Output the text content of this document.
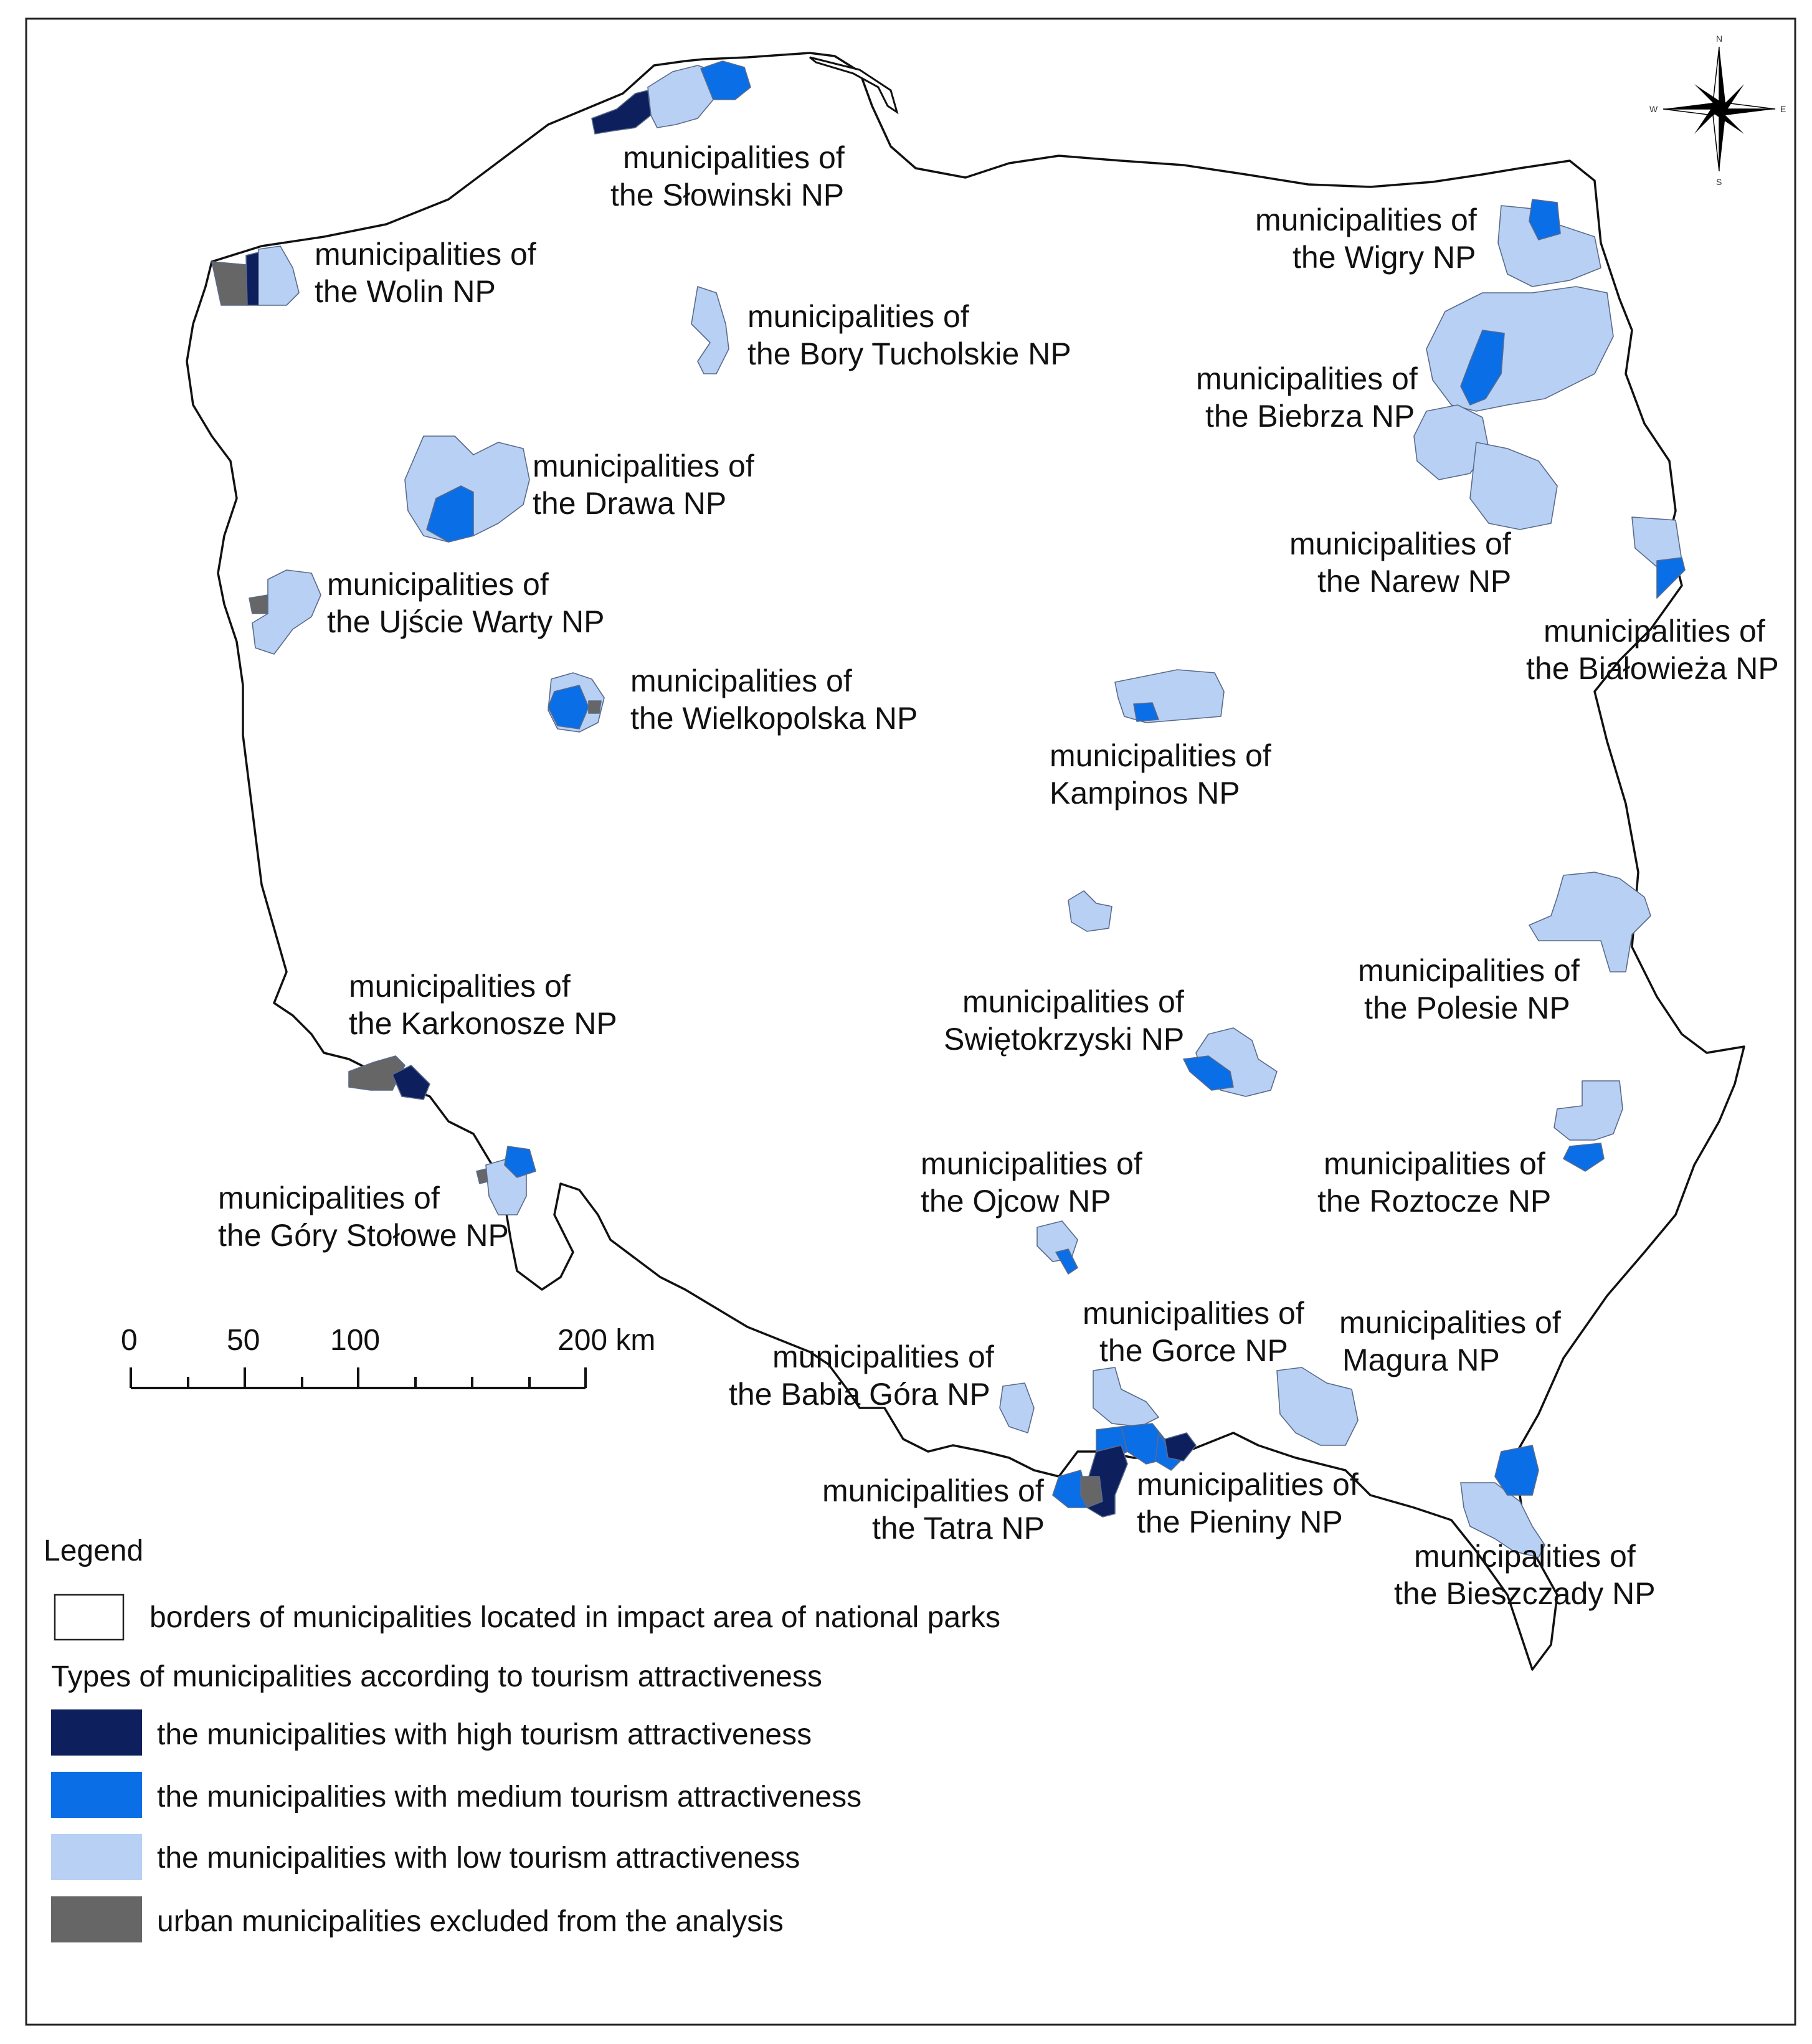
municipalities of
the Słowinski NP
municipalities of
the Wolin NP
municipalities of
the Bory Tucholskie NP
municipalities of
the Wigry NP
municipalities of
the Biebrza NP
municipalities of
the Drawa NP
municipalities of
the Narew NP
municipalities of
the Ujście Warty NP	municipalities of
the Białowieża NP
municipalities of
the Wielkopolska NP
municipalities of
Kampinos NP
municipalities of
the Karkonosze NP
municipalities of
the Polesie NP
municipalities of
Swiętokrzyski NP
municipalities of
the Góry Stołowe NP
municipalities of
the Ojcow NP
municipalities of
the Roztocze NP
municipalities of
the Gorce NP
municipalities of
Magura NP
municipalities of
the Babia Góra NP
municipalities of
the Tatra NP
municipalities of
the Pieniny NP
municipalities of
the Bieszczady NP
N
S
W	E
0	50 100	200 km
Legend
borders of municipalities located in impact area of national parks
Types of municipalities according to tourism attractiveness
the municipalities with high tourism attractiveness
the municipalities with medium tourism attractiveness
the municipalities with low tourism attractiveness
urban municipalities excluded from the analysis
